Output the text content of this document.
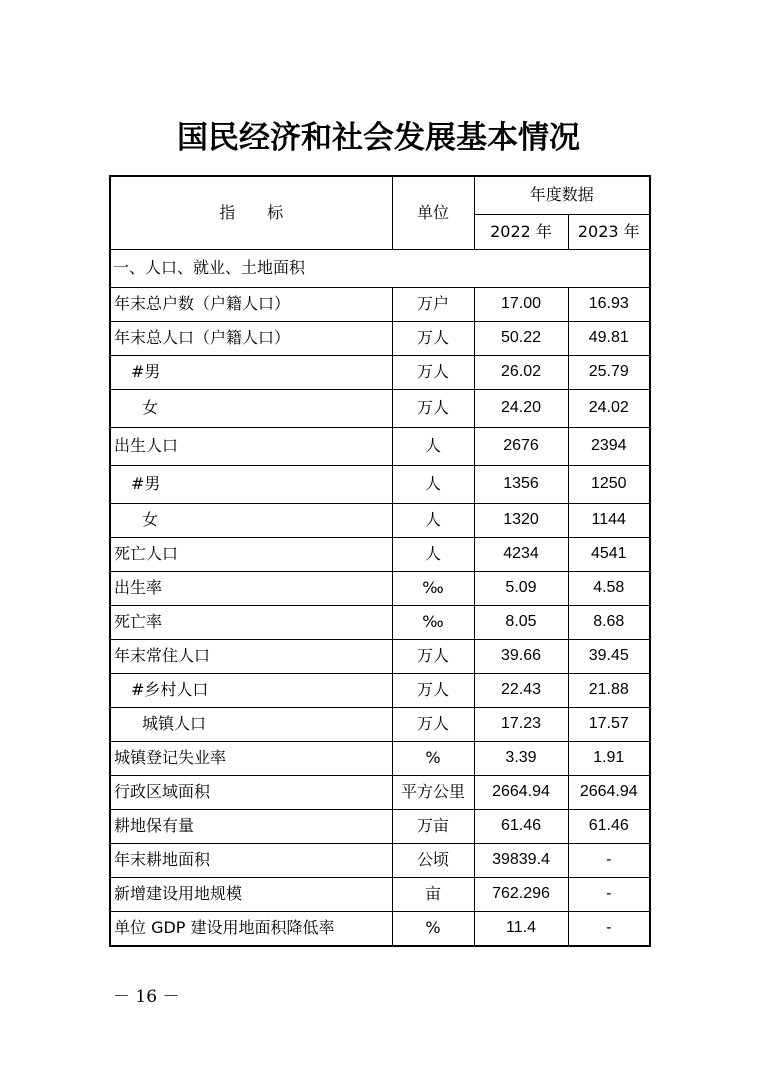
国民经济和社会发展基本情况
指　　标	单位	年度数据	
		2022 年	2023 年
一、人口、就业、土地面积			
年末总户数（户籍人口）	万户	17.00	16.93
年末总人口（户籍人口）	万人	50.22	49.81
#男	万人	26.02	25.79
女	万人	24.20	24.02
出生人口	人	2676	2394
#男	人	1356	1250
女	人	1320	1144
死亡人口	人	4234	4541
出生率	‰	5.09	4.58
死亡率	‰	8.05	8.68
年末常住人口	万人	39.66	39.45
#乡村人口	万人	22.43	21.88
城镇人口	万人	17.23	17.57
城镇登记失业率	%	3.39	1.91
行政区域面积	平方公里	2664.94	2664.94
耕地保有量	万亩	61.46	61.46
年末耕地面积	公顷	39839.4	-
新增建设用地规模	亩	762.296	-
单位 GDP 建设用地面积降低率	%	11.4	-
－ 16 －
